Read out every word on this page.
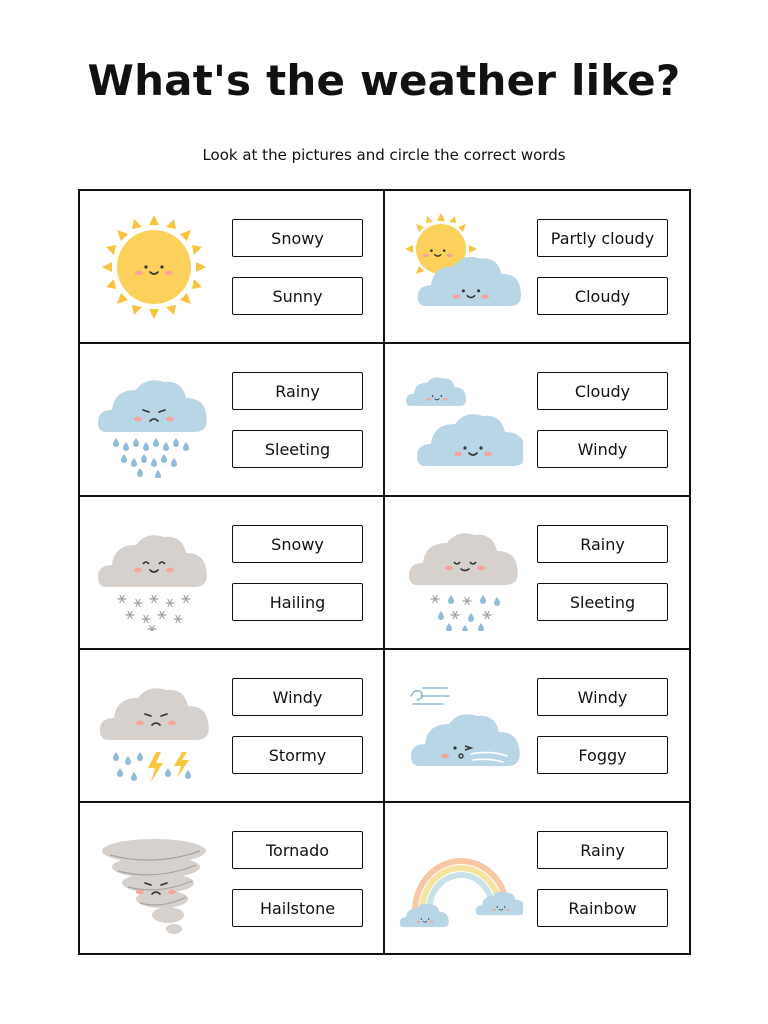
What's the weather like?
Look at the pictures and circle the correct words
Snowy
Sunny
Partly cloudy
Cloudy
Rainy
Sleeting
Cloudy
Windy
Snowy
Hailing
Rainy
Sleeting
Windy
Stormy
Windy
Foggy
Tornado
Hailstone
Rainy
Rainbow
